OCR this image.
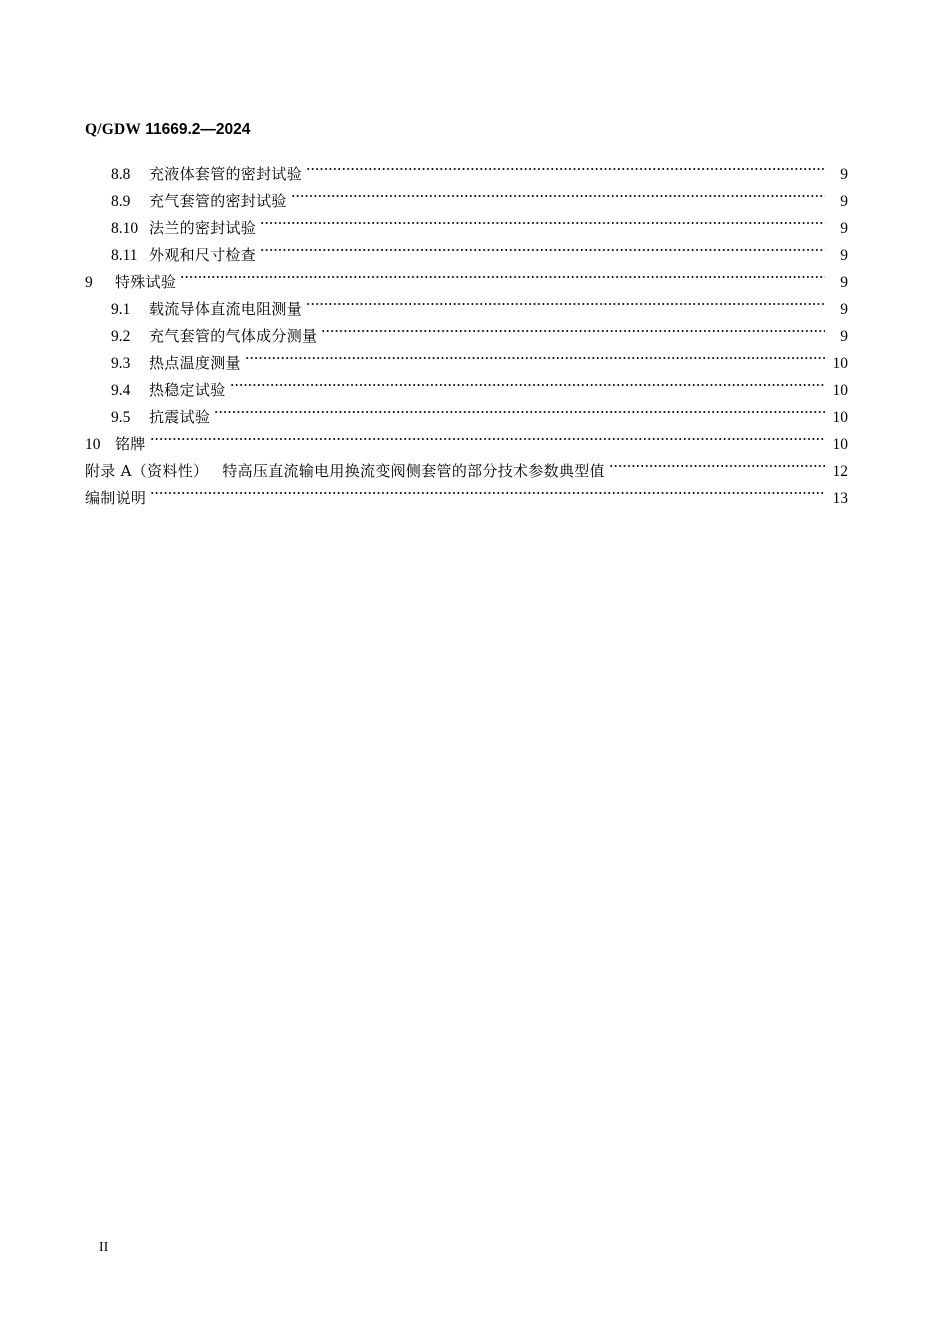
Q/GDW 11669.2—2024
8.8	充液体套管的密封试验	9
8.9	充气套管的密封试验	9
8.10 法兰的密封试验	9
8.11 外观和尺寸检查	9
9	特殊试验	9
9.1	载流导体直流电阻测量	9
9.2	充气套管的气体成分测量	9
9.3	热点温度测量	10
9.4	热稳定试验	10
9.5	抗震试验	10
10 铭牌	10
附录 A（资料性） 特高压直流输电用换流变阀侧套管的部分技术参数典型值	12
编制说明	13
II
